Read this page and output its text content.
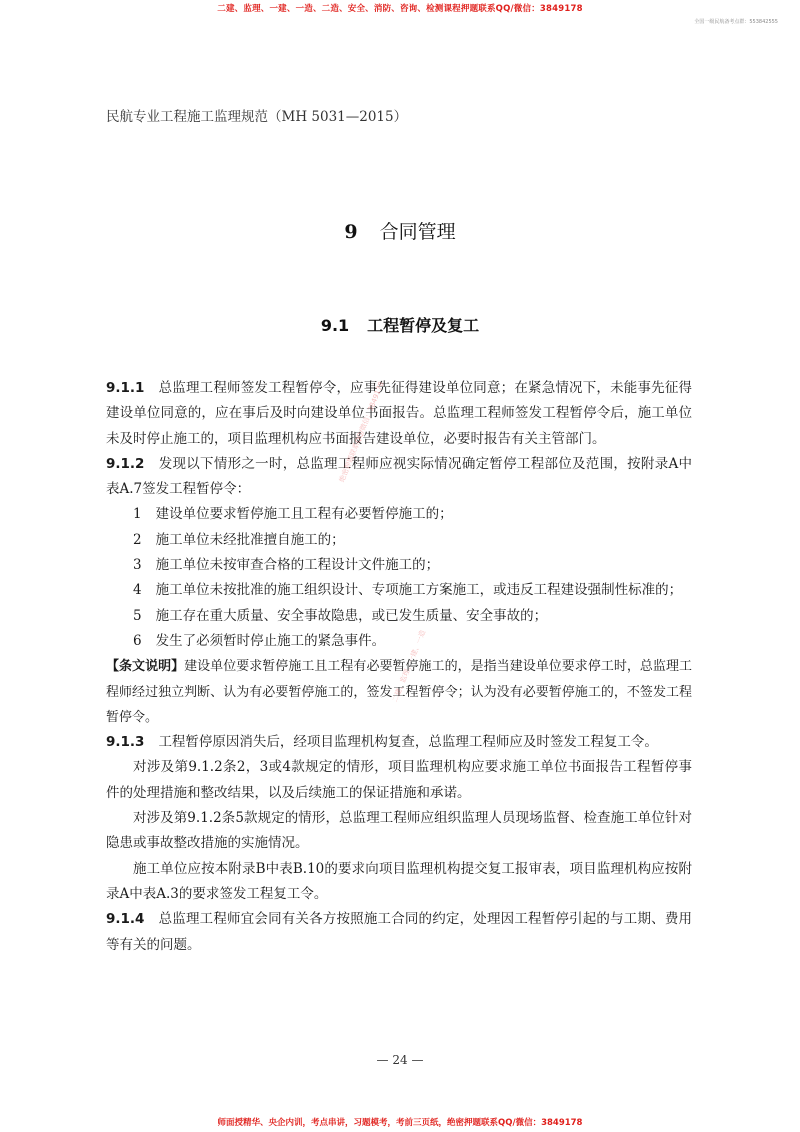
二建、监理、一建、一造、二造、安全、消防、咨询、检测课程押题联系QQ/微信：3849178
全国一级民航备考点群：553842555
民航专业工程施工监理规范（MH 5031—2015）
9 合同管理
9.1 工程暂停及复工

9.1.1 总监理工程师签发工程暂停令，应事先征得建设单位同意；在紧急情况下，未能事先征得建设单位同意的，应在事后及时向建设单位书面报告。总监理工程师签发工程暂停令后，施工单位未及时停止施工的，项目监理机构应书面报告建设单位，必要时报告有关主管部门。

9.1.2 发现以下情形之一时，总监理工程师应视实际情况确定暂停工程部位及范围，按附录A中表A.7签发工程暂停令：

1 建设单位要求暂停施工且工程有必要暂停施工的；

2 施工单位未经批准擅自施工的；

3 施工单位未按审查合格的工程设计文件施工的；

4 施工单位未按批准的施工组织设计、专项施工方案施工，或违反工程建设强制性标准的；

5 施工存在重大质量、安全事故隐患，或已发生质量、安全事故的；

6 发生了必须暂时停止施工的紧急事件。

【条文说明】建设单位要求暂停施工且工程有必要暂停施工的，是指当建设单位要求停工时，总监理工程师经过独立判断、认为有必要暂停施工的，签发工程暂停令；认为没有必要暂停施工的，不签发工程暂停令。

9.1.3 工程暂停原因消失后，经项目监理机构复查，总监理工程师应及时签发工程复工令。

对涉及第9.1.2条2，3或4款规定的情形，项目监理机构应要求施工单位书面报告工程暂停事件的处理措施和整改结果，以及后续施工的保证措施和承诺。

对涉及第9.1.2条5款规定的情形，总监理工程师应组织监理人员现场监督、检查施工单位针对隐患或事故整改措施的实施情况。

施工单位应按本附录B中表B.10的要求向项目监理机构提交复工报审表，项目监理机构应按附录A中表A.3的要求签发工程复工令。

9.1.4 总监理工程师宜会同有关各方按照施工合同的约定，处理因工程暂停引起的与工期、费用等有关的问题。

绝密押题联系QQ/微信：3849178
二建、监理、一建、一造
— 24 —
师面授精华、央企内训，考点串讲，习题模考，考前三页纸，绝密押题联系QQ/微信：3849178
